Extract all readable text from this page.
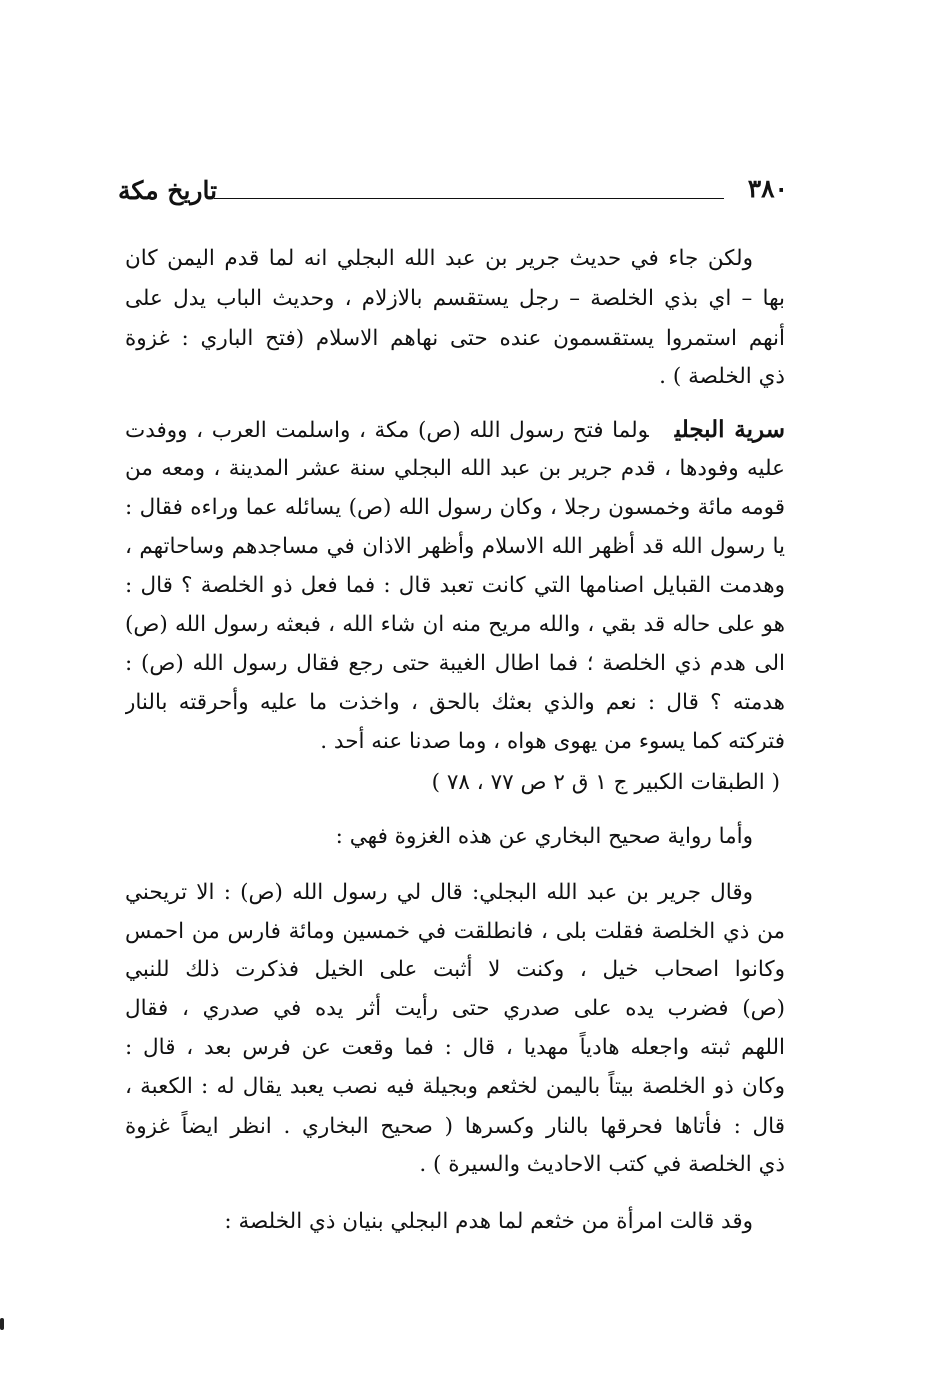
تاريخ مكة	٣٨٠
ولكن جاء في حديث جرير بن عبد الله البجلي انه لما قدم اليمن كان
بها – اي بذي الخلصة – رجل يستقسم بالازلام ، وحديث الباب يدل على
أنهم استمروا يستقسمون عنده حتى نهاهم الاسلام (فتح الباري : غزوة
ذي الخلصة ) .
سرية البجليولما فتح رسول الله (ص) مكة ، واسلمت العرب ، ووفدت
عليه وفودها ، قدم جرير بن عبد الله البجلي سنة عشر المدينة ، ومعه من
قومه مائة وخمسون رجلا ، وكان رسول الله (ص) يسائله عما وراءه فقال :
يا رسول الله قد أظهر الله الاسلام وأظهر الاذان في مساجدهم وساحاتهم ،
وهدمت القبايل اصنامها التي كانت تعبد قال : فما فعل ذو الخلصة ؟ قال :
هو على حاله قد بقي ، والله مريح منه ان شاء الله ، فبعثه رسول الله (ص)
الى هدم ذي الخلصة ؛ فما اطال الغيبة حتى رجع فقال رسول الله (ص) :
هدمته ؟ قال : نعم والذي بعثك بالحق ، واخذت ما عليه وأحرقته بالنار
فتركته كما يسوء من يهوى هواه ، وما صدنا عنه أحد .
( الطبقات الكبير ج ١ ق ٢ ص ٧٧ ، ٧٨ )
وأما رواية صحيح البخاري عن هذه الغزوة فهي :
وقال جرير بن عبد الله البجلي: قال لي رسول الله (ص) : الا تريحني
من ذي الخلصة فقلت بلى ، فانطلقت في خمسين ومائة فارس من احمس
وكانوا اصحاب خيل ، وكنت لا أثبت على الخيل فذكرت ذلك للنبي
(ص) فضرب يده على صدري حتى رأيت أثر يده في صدري ، فقال
اللهم ثبته واجعله هادياً مهديا ، قال : فما وقعت عن فرس بعد ، قال :
وكان ذو الخلصة بيتاً باليمن لخثعم وبجيلة فيه نصب يعبد يقال له : الكعبة ،
قال : فأتاها فحرقها بالنار وكسرها ( صحيح البخاري . انظر ايضاً غزوة
ذي الخلصة في كتب الاحاديث والسيرة ) .
وقد قالت امرأة من خثعم لما هدم البجلي بنيان ذي الخلصة :
